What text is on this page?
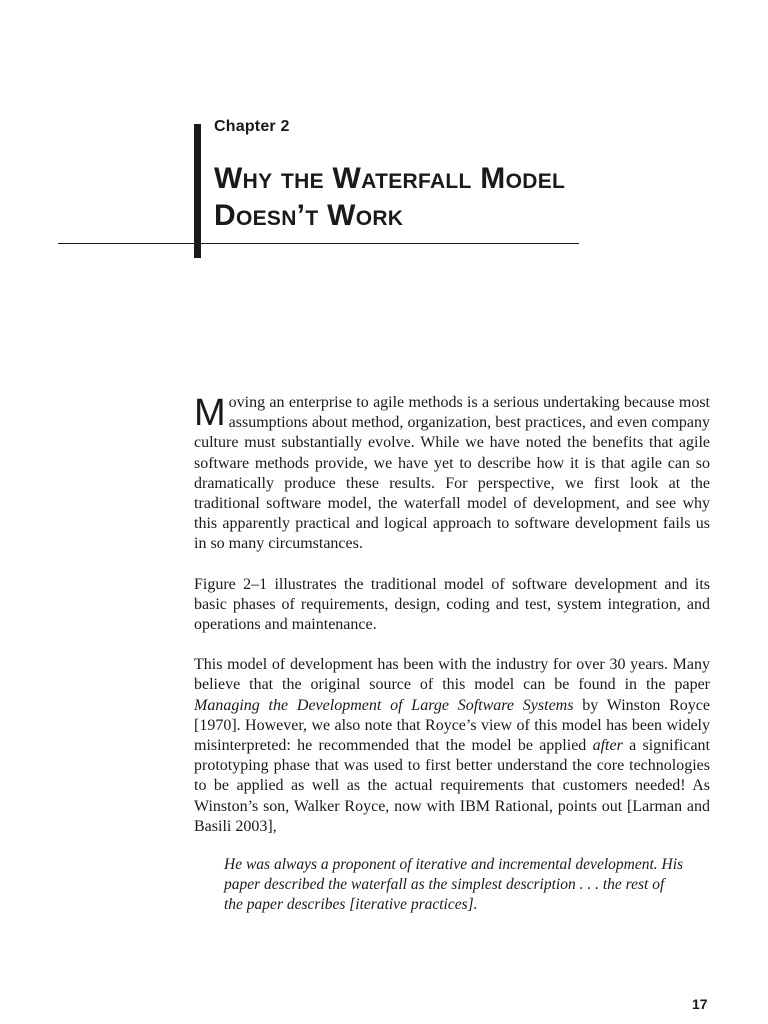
Chapter 2
Why the Waterfall Model
Doesn’t Work

Moving an enterprise to agile methods is a serious undertaking because most assumptions about method, organization, best practices, and even company culture must substantially evolve. While we have noted the benefits that agile software methods provide, we have yet to describe how it is that agile can so dramatically produce these results. For perspective, we first look at the traditional software model, the waterfall model of development, and see why this apparently practical and logical approach to software development fails us in so many circumstances.

Figure 2–1 illustrates the traditional model of software development and its basic phases of requirements, design, coding and test, system integration, and operations and maintenance.

This model of development has been with the industry for over 30 years. Many believe that the original source of this model can be found in the paper Managing the Development of Large Software Systems by Winston Royce [1970]. However, we also note that Royce’s view of this model has been widely misinterpreted: he recommended that the model be applied after a significant prototyping phase that was used to first better understand the core technologies to be applied as well as the actual requirements that customers needed! As Winston’s son, Walker Royce, now with IBM Rational, points out [Larman and Basili 2003],

He was always a proponent of iterative and incremental development. His paper described the waterfall as the simplest description . . . the rest of the paper describes [iterative practices].

17
